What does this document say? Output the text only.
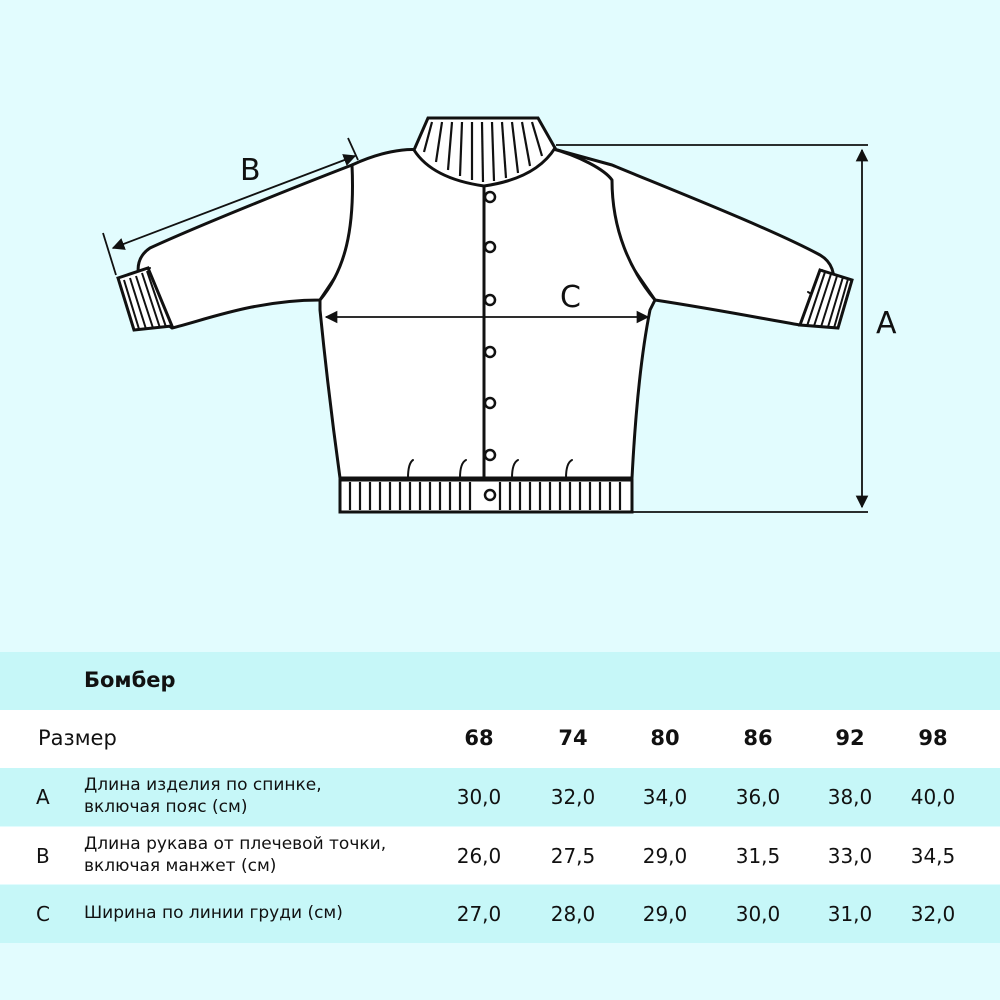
A
B
C
Бомбер
Размер	68	74	80	86	92	98
A Длина изделия по спинке,
включая пояс (см)	30,0	32,0	34,0	36,0	38,0	40,0
B Длина рукава от плечевой точки,
включая манжет (см)	26,0	27,5	29,0	31,5	33,0	34,5
C Ширина по линии груди (см)	27,0	28,0	29,0	30,0	31,0	32,0
